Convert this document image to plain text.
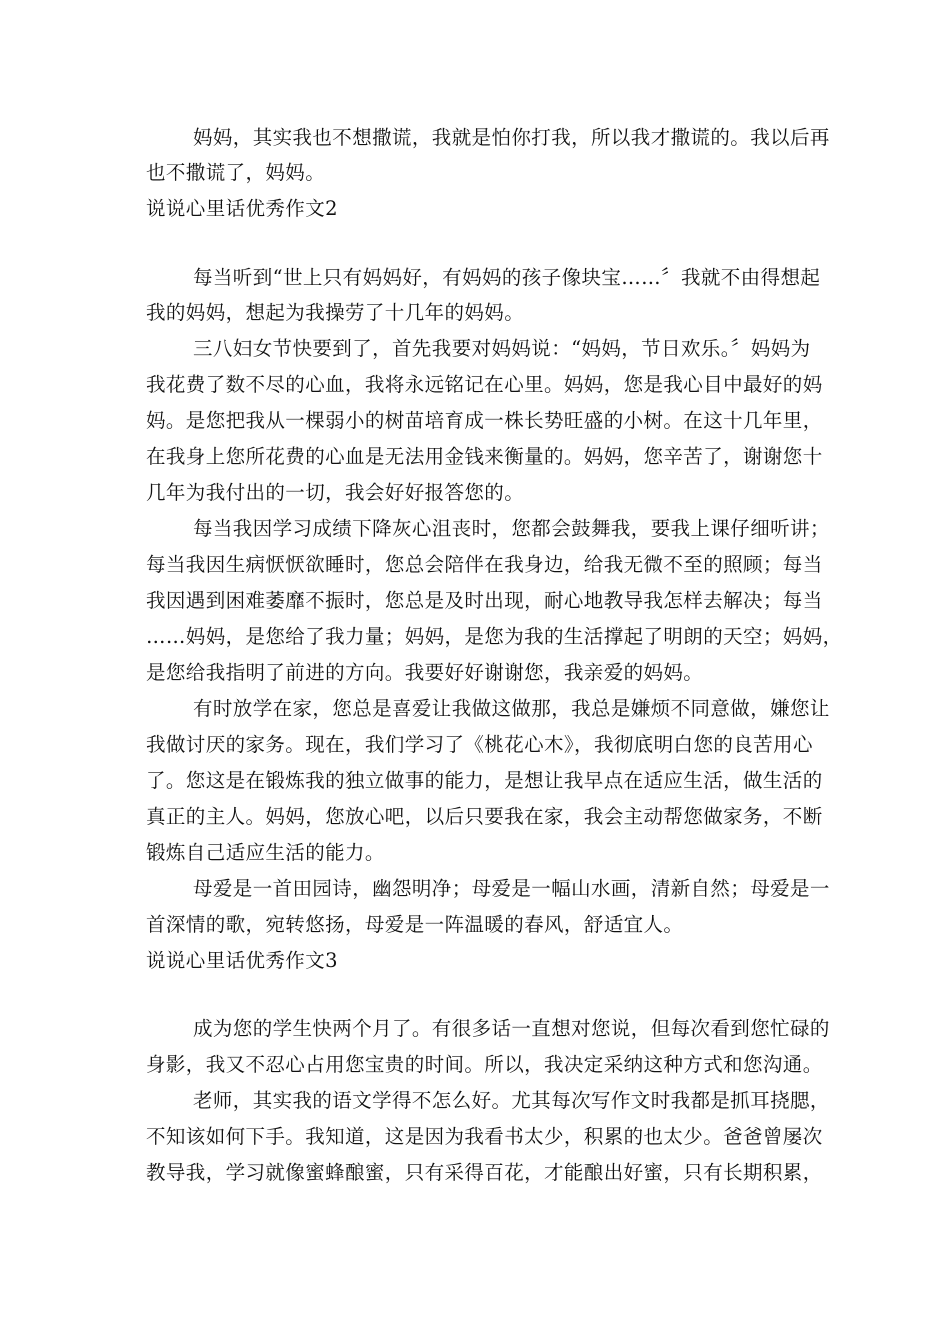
妈妈，其实我也不想撒谎，我就是怕你打我，所以我才撒谎的。我以后再
也不撒谎了，妈妈。
说说心里话优秀作文2
每当听到“世上只有妈妈好，有妈妈的孩子像块宝……〞我就不由得想起
我的妈妈，想起为我操劳了十几年的妈妈。
三八妇女节快要到了，首先我要对妈妈说：“妈妈，节日欢乐。〞妈妈为
我花费了数不尽的心血，我将永远铭记在心里。妈妈，您是我心目中最好的妈
妈。是您把我从一棵弱小的树苗培育成一株长势旺盛的小树。在这十几年里，
在我身上您所花费的心血是无法用金钱来衡量的。妈妈，您辛苦了，谢谢您十
几年为我付出的一切，我会好好报答您的。
每当我因学习成绩下降灰心沮丧时，您都会鼓舞我，要我上课仔细听讲；
每当我因生病恹恹欲睡时，您总会陪伴在我身边，给我无微不至的照顾；每当
我因遇到困难萎靡不振时，您总是及时出现，耐心地教导我怎样去解决；每当
……妈妈，是您给了我力量；妈妈，是您为我的生活撑起了明朗的天空；妈妈，
是您给我指明了前进的方向。我要好好谢谢您，我亲爱的妈妈。
有时放学在家，您总是喜爱让我做这做那，我总是嫌烦不同意做，嫌您让
我做讨厌的家务。现在，我们学习了《桃花心木》，我彻底明白您的良苦用心
了。您这是在锻炼我的独立做事的能力，是想让我早点在适应生活，做生活的
真正的主人。妈妈，您放心吧，以后只要我在家，我会主动帮您做家务，不断
锻炼自己适应生活的能力。
母爱是一首田园诗，幽怨明净；母爱是一幅山水画，清新自然；母爱是一
首深情的歌，宛转悠扬，母爱是一阵温暖的春风，舒适宜人。
说说心里话优秀作文3
成为您的学生快两个月了。有很多话一直想对您说，但每次看到您忙碌的
身影，我又不忍心占用您宝贵的时间。所以，我决定采纳这种方式和您沟通。
老师，其实我的语文学得不怎么好。尤其每次写作文时我都是抓耳挠腮，
不知该如何下手。我知道，这是因为我看书太少，积累的也太少。爸爸曾屡次
教导我，学习就像蜜蜂酿蜜，只有采得百花，才能酿出好蜜，只有长期积累，
